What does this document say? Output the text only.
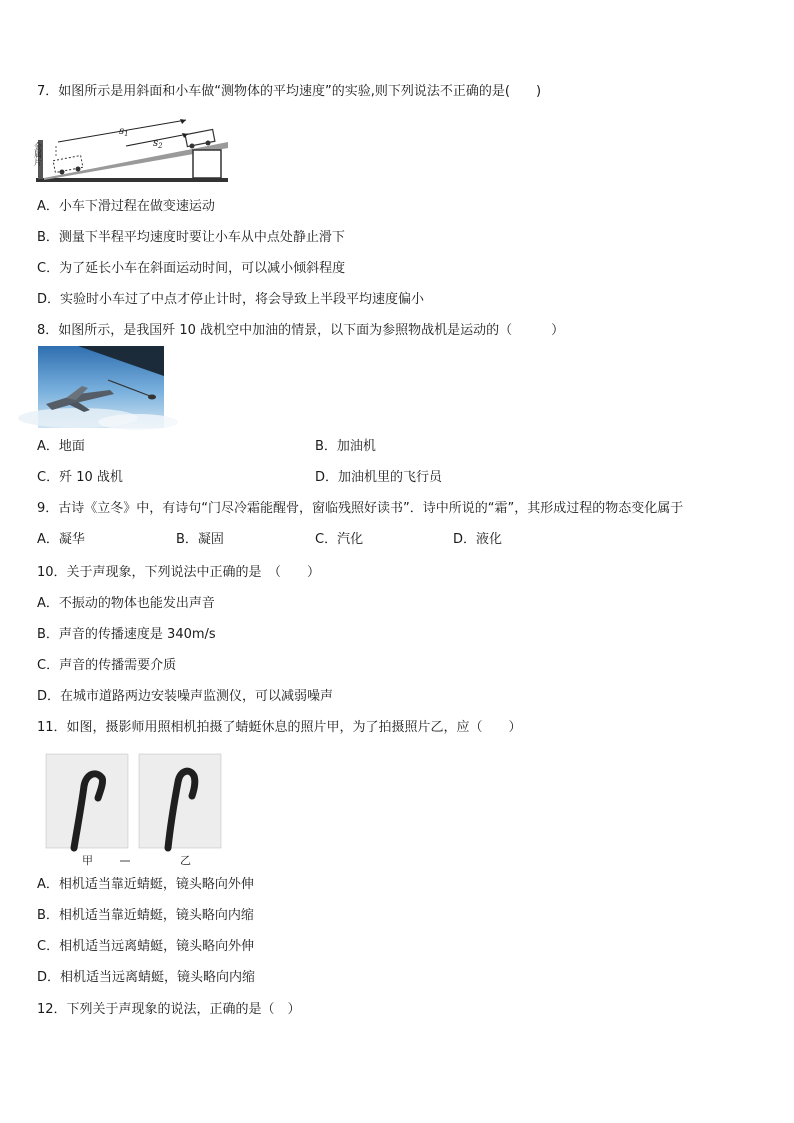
7．如图所示是用斜面和小车做“测物体的平均速度”的实验,则下列说法不正确的是(　　)
$s_1$
$s_2$
金属片
A．小车下滑过程在做变速运动
B．测量下半程平均速度时要让小车从中点处静止滑下
C．为了延长小车在斜面运动时间，可以减小倾斜程度
D．实验时小车过了中点才停止计时，将会导致上半段平均速度偏小
8．如图所示，是我国歼 10 战机空中加油的情景，以下面为参照物战机是运动的（　　　）
A．地面	B．加油机
C．歼 10 战机	D．加油机里的飞行员
9．古诗《立冬》中，有诗句“门尽冷霜能醒骨，窗临残照好读书”．诗中所说的“霜”，其形成过程的物态变化属于
A．凝华	B．凝固	C．汽化	D．液化
10．关于声现象，下列说法中正确的是　（　　）
A．不振动的物体也能发出声音
B．声音的传播速度是 340m/s
C．声音的传播需要介质
D．在城市道路两边安装噪声监测仪，可以减弱噪声
11．如图，摄影师用照相机拍摄了蜻蜓休息的照片甲，为了拍摄照片乙，应（　　）
甲	乙
A．相机适当靠近蜻蜓，镜头略向外伸
B．相机适当靠近蜻蜓，镜头略向内缩
C．相机适当远离蜻蜓，镜头略向外伸
D．相机适当远离蜻蜓，镜头略向内缩
12．下列关于声现象的说法，正确的是（　）
